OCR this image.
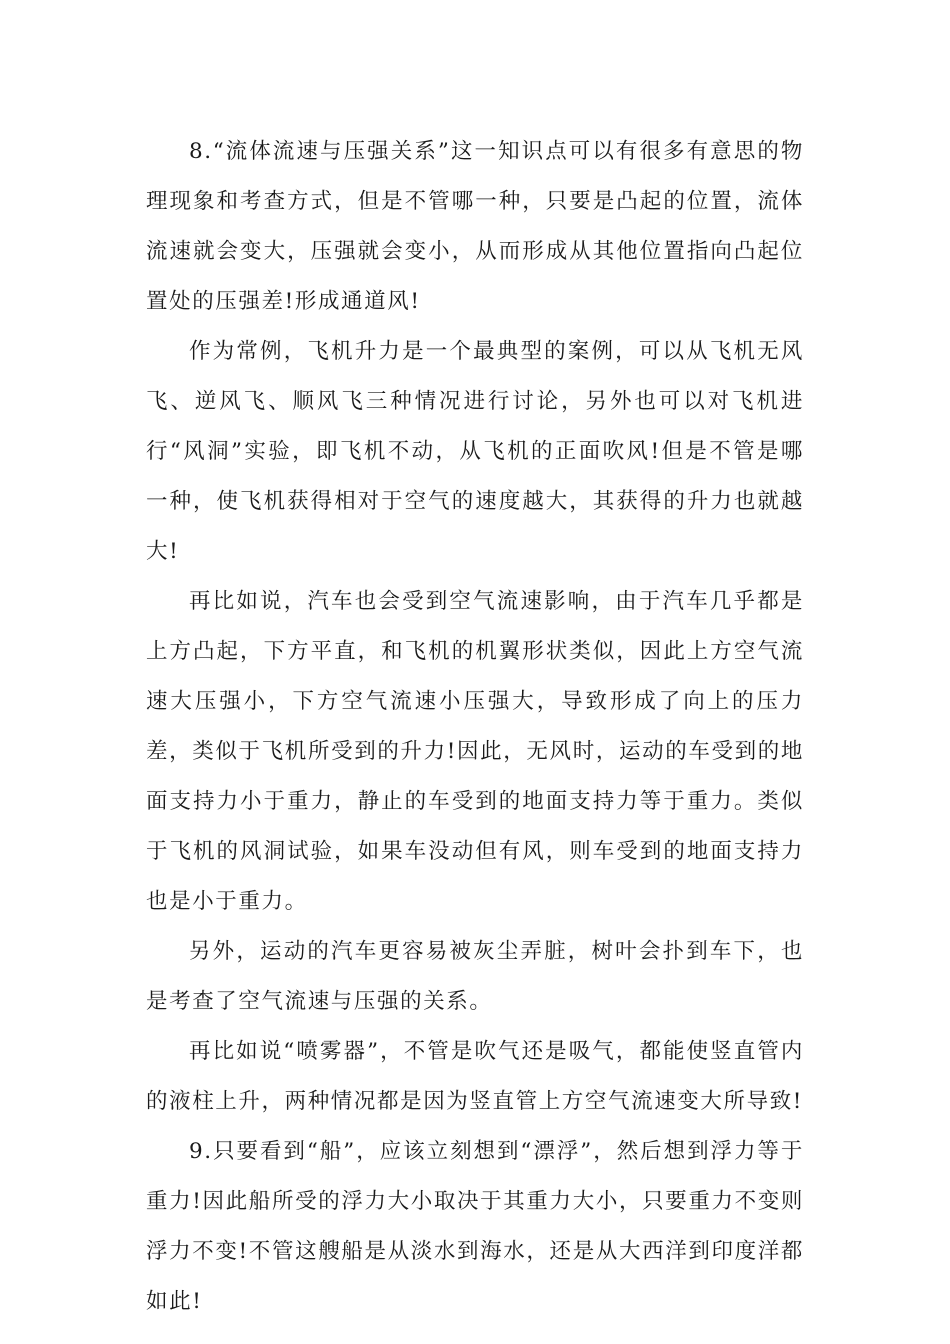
8.“流体流速与压强关系”这一知识点可以有很多有意思的物理现象和考查方式，但是不管哪一种，只要是凸起的位置，流体流速就会变大，压强就会变小，从而形成从其他位置指向凸起位置处的压强差!形成通道风!

作为常例，飞机升力是一个最典型的案例，可以从飞机无风飞、逆风飞、顺风飞三种情况进行讨论，另外也可以对飞机进行“风洞”实验，即飞机不动，从飞机的正面吹风!但是不管是哪一种，使飞机获得相对于空气的速度越大，其获得的升力也就越大!

再比如说，汽车也会受到空气流速影响，由于汽车几乎都是上方凸起，下方平直，和飞机的机翼形状类似，因此上方空气流速大压强小，下方空气流速小压强大，导致形成了向上的压力差，类似于飞机所受到的升力!因此，无风时，运动的车受到的地面支持力小于重力，静止的车受到的地面支持力等于重力。类似于飞机的风洞试验，如果车没动但有风，则车受到的地面支持力也是小于重力。

另外，运动的汽车更容易被灰尘弄脏，树叶会扑到车下，也是考查了空气流速与压强的关系。

再比如说“喷雾器”，不管是吹气还是吸气，都能使竖直管内的液柱上升，两种情况都是因为竖直管上方空气流速变大所导致!

9.只要看到“船”，应该立刻想到“漂浮”，然后想到浮力等于重力!因此船所受的浮力大小取决于其重力大小，只要重力不变则浮力不变!不管这艘船是从淡水到海水，还是从大西洋到印度洋都如此!
